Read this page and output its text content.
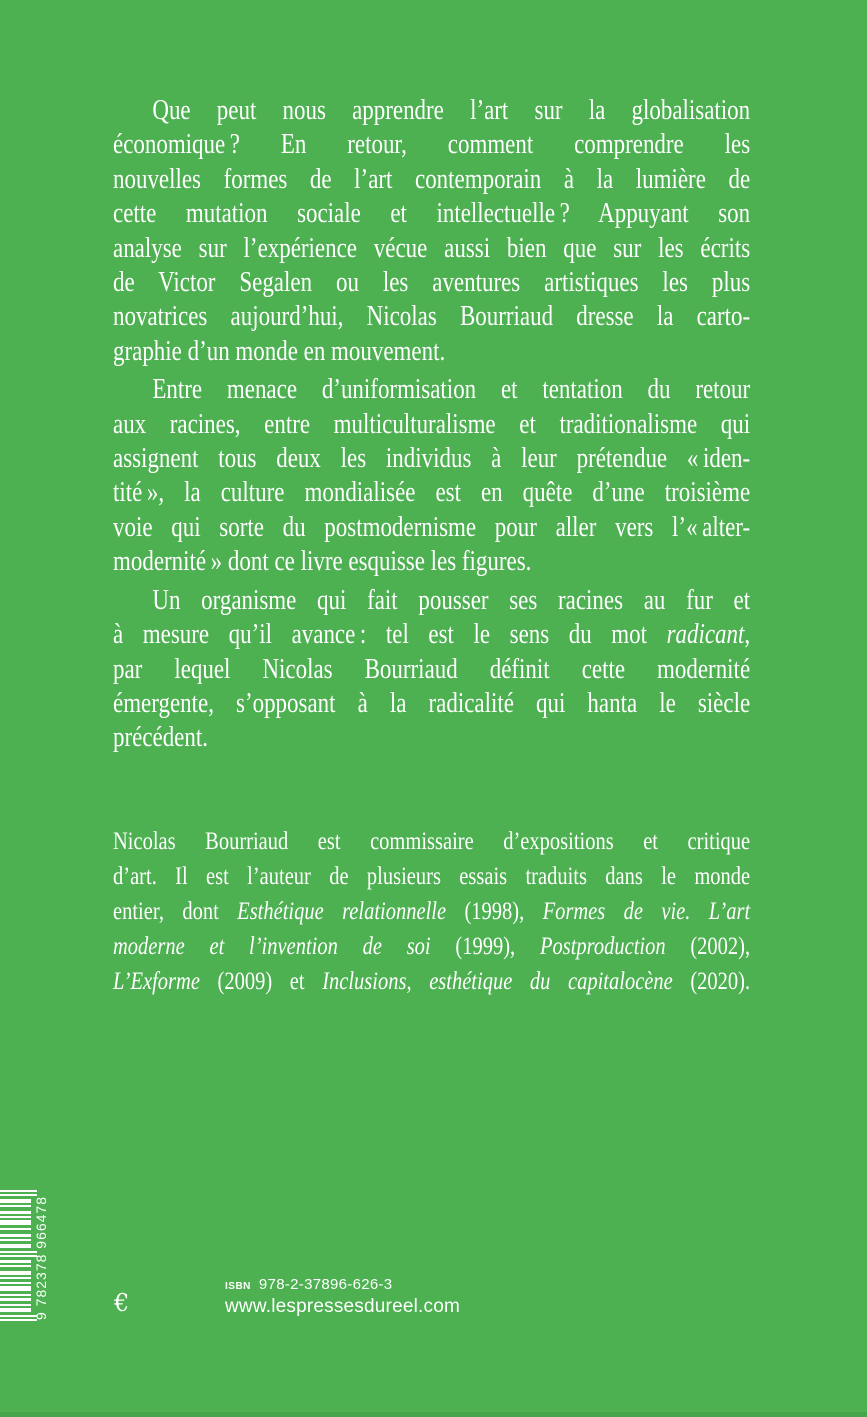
Que peut nous apprendre l’art sur la globalisation
économique ? En retour, comment comprendre les
nouvelles formes de l’art contemporain à la lumière de
cette mutation sociale et intellectuelle ? Appuyant son
analyse sur l’expérience vécue aussi bien que sur les écrits
de Victor Segalen ou les aventures artistiques les plus
novatrices aujourd’hui, Nicolas Bourriaud dresse la carto-
graphie d’un monde en mouvement.
Entre menace d’uniformisation et tentation du retour
aux racines, entre multiculturalisme et traditionalisme qui
assignent tous deux les individus à leur prétendue « iden-
tité », la culture mondialisée est en quête d’une troisième
voie qui sorte du postmodernisme pour aller vers l’« alter-
modernité » dont ce livre esquisse les figures.
Un organisme qui fait pousser ses racines au fur et
à mesure qu’il avance : tel est le sens du mot radicant,
par lequel Nicolas Bourriaud définit cette modernité
émergente, s’opposant à la radicalité qui hanta le siècle
précédent.
Nicolas Bourriaud est commissaire d’expositions et critique
d’art. Il est l’auteur de plusieurs essais traduits dans le monde
entier, dont Esthétique relationnelle (1998), Formes de vie. L’art
moderne et l’invention de soi (1999), Postproduction (2002),
L’Exforme (2009) et Inclusions, esthétique du capitalocène (2020).
9 782378 966478	€
ISBN 978-2-37896-626-3
www.lespressesdureel.com
